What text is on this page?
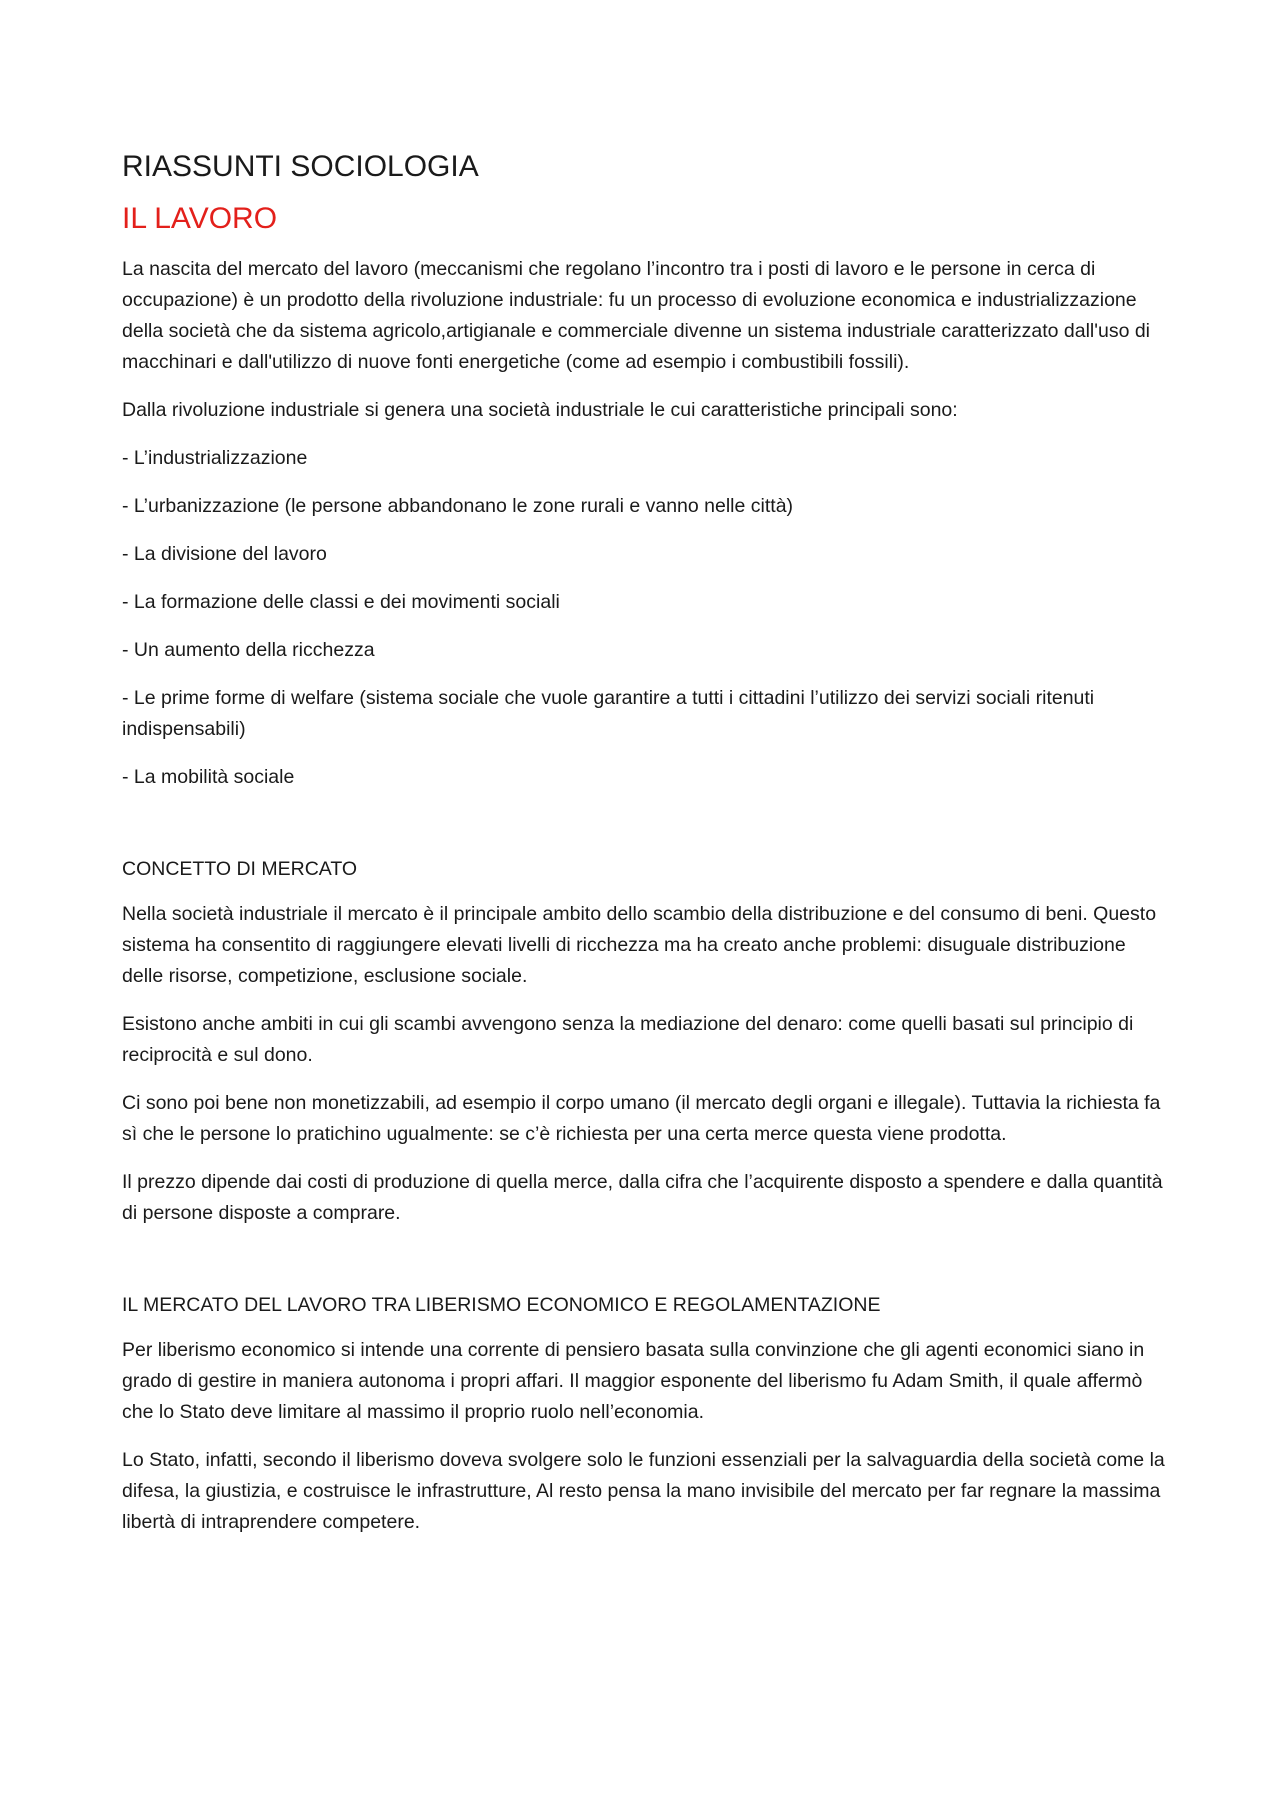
RIASSUNTI SOCIOLOGIA
IL LAVORO

La nascita del mercato del lavoro (meccanismi che regolano l’incontro tra i posti di lavoro e le persone in cerca di occupazione) è un prodotto della rivoluzione industriale: fu un processo di evoluzione economica e industrializzazione della società che da sistema agricolo,artigianale e commerciale divenne un sistema industriale caratterizzato dall'uso di macchinari e dall'utilizzo di nuove fonti energetiche (come ad esempio i combustibili fossili).

Dalla rivoluzione industriale si genera una società industriale le cui caratteristiche principali sono:

- L’industrializzazione
- L’urbanizzazione (le persone abbandonano le zone rurali e vanno nelle città)
- La divisione del lavoro
- La formazione delle classi e dei movimenti sociali
- Un aumento della ricchezza
- Le prime forme di welfare (sistema sociale che vuole garantire a tutti i cittadini l’utilizzo dei servizi sociali ritenuti indispensabili)
- La mobilità sociale
CONCETTO DI MERCATO

Nella società industriale il mercato è il principale ambito dello scambio della distribuzione e del consumo di beni. Questo sistema ha consentito di raggiungere elevati livelli di ricchezza ma ha creato anche problemi: disuguale distribuzione delle risorse, competizione, esclusione sociale.

Esistono anche ambiti in cui gli scambi avvengono senza la mediazione del denaro: come quelli basati sul principio di reciprocità e sul dono.

Ci sono poi bene non monetizzabili, ad esempio il corpo umano (il mercato degli organi e illegale). Tuttavia la richiesta fa sì che le persone lo pratichino ugualmente: se c’è richiesta per una certa merce questa viene prodotta.

Il prezzo dipende dai costi di produzione di quella merce, dalla cifra che l’acquirente disposto a spendere e dalla quantità di persone disposte a comprare.

IL MERCATO DEL LAVORO TRA LIBERISMO ECONOMICO E REGOLAMENTAZIONE

Per liberismo economico si intende una corrente di pensiero basata sulla convinzione che gli agenti economici siano in grado di gestire in maniera autonoma i propri affari. Il maggior esponente del liberismo fu Adam Smith, il quale affermò che lo Stato deve limitare al massimo il proprio ruolo nell’economia.

Lo Stato, infatti, secondo il liberismo doveva svolgere solo le funzioni essenziali per la salvaguardia della società come la difesa, la giustizia, e costruisce le infrastrutture, Al resto pensa la mano invisibile del mercato per far regnare la massima libertà di intraprendere competere.
